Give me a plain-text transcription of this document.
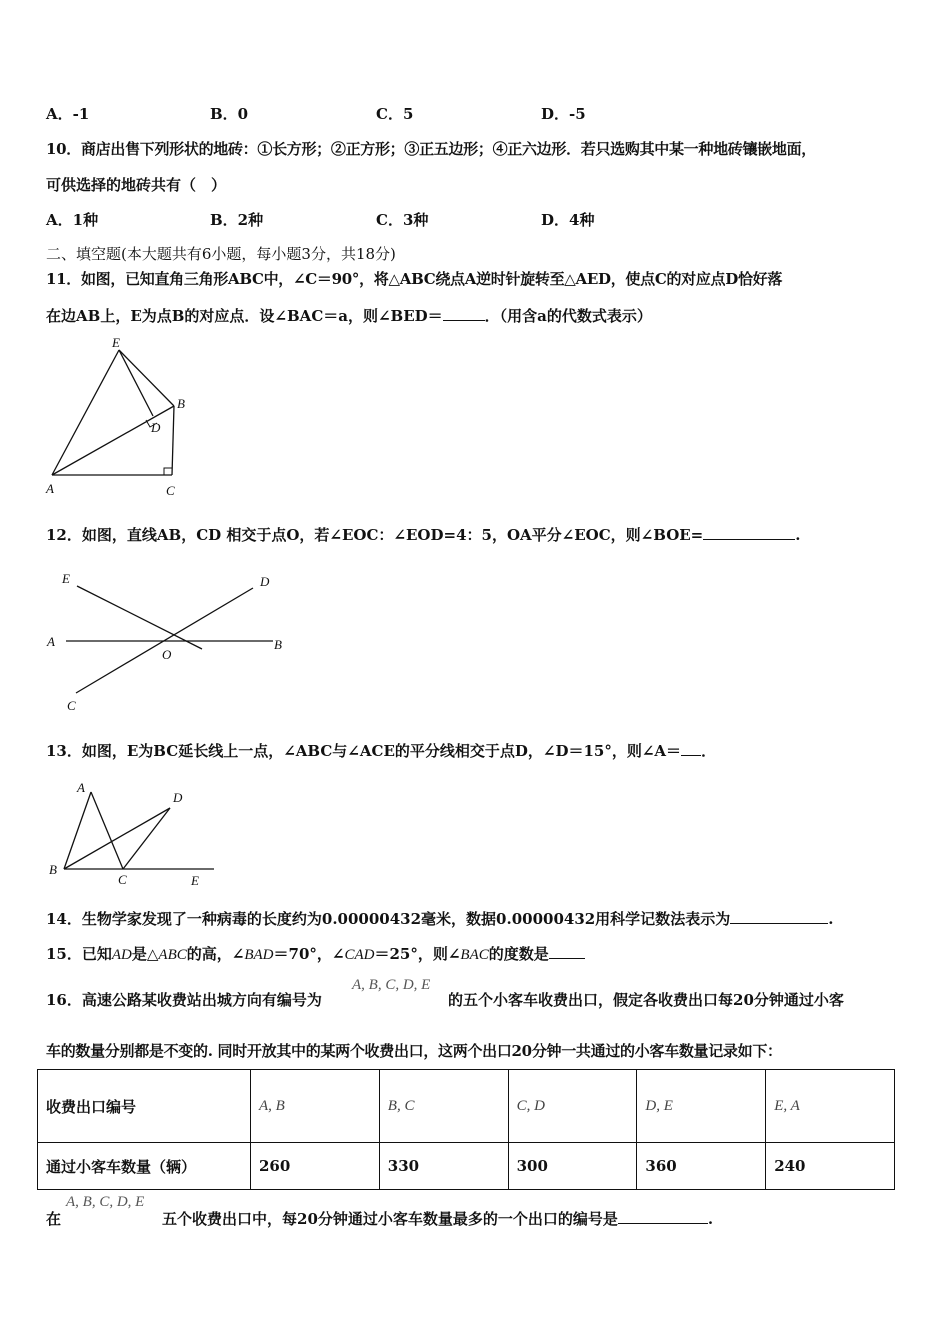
A．-1	B．0	C．5	D．-5
10．商店出售下列形状的地砖：①长方形；②正方形；③正五边形；④正六边形．若只选购其中某一种地砖镶嵌地面，
可供选择的地砖共有（　）
A．1种	B．2种	C．3种	D．4种
二、填空题(本大题共有6小题，每小题3分，共18分)
11．如图，已知直角三角形ABC中，∠C＝90°，将△ABC绕点A逆时针旋转至△AED，使点C的对应点D恰好落
在边AB上，E为点B的对应点．设∠BAC＝a，则∠BED＝	．（用含a的代数式表示）
E
B
D
A	C
12．如图，直线AB，CD 相交于点O，若∠EOC：∠EOD=4：5，OA平分∠EOC，则∠BOE=	.
E	D
A
O
B
C
13．如图，E为BC延长线上一点，∠ABC与∠ACE的平分线相交于点D，∠D＝15°，则∠A＝ ．
A
D
B
C	E
14．生物学家发现了一种病毒的长度约为0.00000432毫米，数据0.00000432用科学记数法表示为	.
15．已知AD是△ABC的高，∠BAD＝70°，∠CAD＝25°，则∠BAC的度数是
16．高速公路某收费站出城方向有编号为
A, B, C, D, E
的五个小客车收费出口，假定各收费出口每20分钟通过小客
车的数量分别都是不变的. 同时开放其中的某两个收费出口，这两个出口20分钟一共通过的小客车数量记录如下：
收费出口编号	A, B	B, C	C, D	D, E	E, A
通过小客车数量（辆）	260	330	300	360	240
在
A, B, C, D, E
五个收费出口中，每20分钟通过小客车数量最多的一个出口的编号是	.
